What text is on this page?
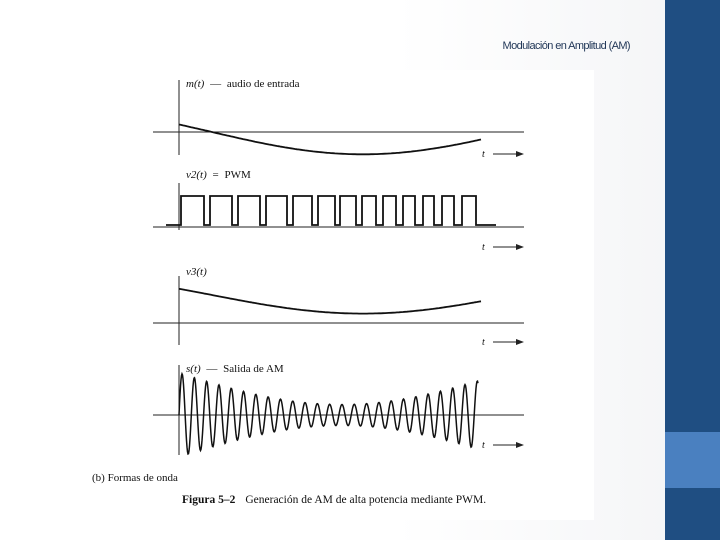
Modulación en Amplitud (AM)
m(t) — audio de entrada
t
v2(t) = PWM
t
v3(t)
t
s(t) — Salida de AM
t
(b) Formas de onda
Figura 5–2 Generación de AM de alta potencia mediante PWM.
